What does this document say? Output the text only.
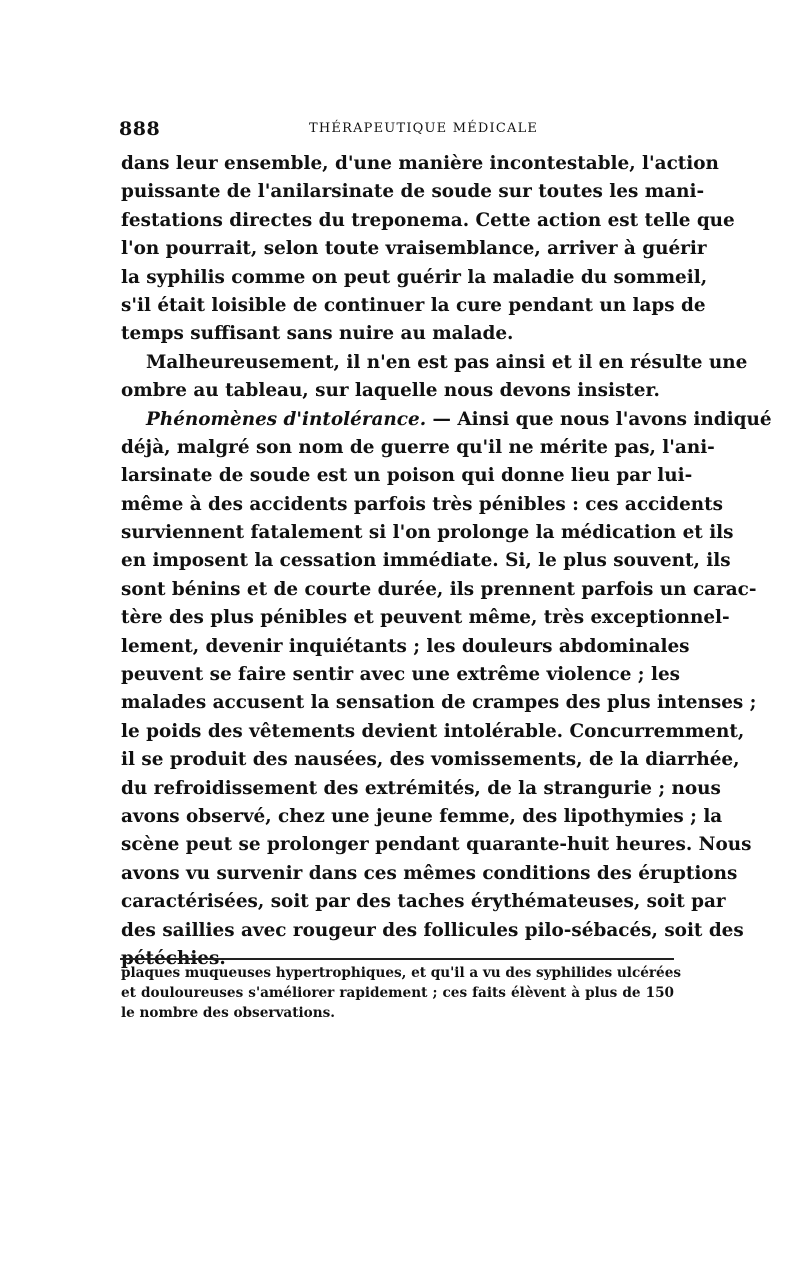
888	THÉRAPEUTIQUE MÉDICALE
dans leur ensemble, d'une manière incontestable, l'action
puissante de l'anilarsinate de soude sur toutes les mani-
festations directes du treponema. Cette action est telle que
l'on pourrait, selon toute vraisemblance, arriver à guérir
la syphilis comme on peut guérir la maladie du sommeil,
s'il était loisible de continuer la cure pendant un laps de
temps suffisant sans nuire au malade.
Malheureusement, il n'en est pas ainsi et il en résulte une
ombre au tableau, sur laquelle nous devons insister.
Phénomènes d'intolérance. — Ainsi que nous l'avons indiqué
déjà, malgré son nom de guerre qu'il ne mérite pas, l'ani-
larsinate de soude est un poison qui donne lieu par lui-
même à des accidents parfois très pénibles : ces accidents
surviennent fatalement si l'on prolonge la médication et ils
en imposent la cessation immédiate. Si, le plus souvent, ils
sont bénins et de courte durée, ils prennent parfois un carac-
tère des plus pénibles et peuvent même, très exceptionnel-
lement, devenir inquiétants ; les douleurs abdominales
peuvent se faire sentir avec une extrême violence ; les
malades accusent la sensation de crampes des plus intenses ;
le poids des vêtements devient intolérable. Concurremment,
il se produit des nausées, des vomissements, de la diarrhée,
du refroidissement des extrémités, de la strangurie ; nous
avons observé, chez une jeune femme, des lipothymies ; la
scène peut se prolonger pendant quarante-huit heures. Nous
avons vu survenir dans ces mêmes conditions des éruptions
caractérisées, soit par des taches érythémateuses, soit par
des saillies avec rougeur des follicules pilo-sébacés, soit des
pétéchies.
plaques muqueuses hypertrophiques, et qu'il a vu des syphilides ulcérées
et douloureuses s'améliorer rapidement ; ces faits élèvent à plus de 150
le nombre des observations.
